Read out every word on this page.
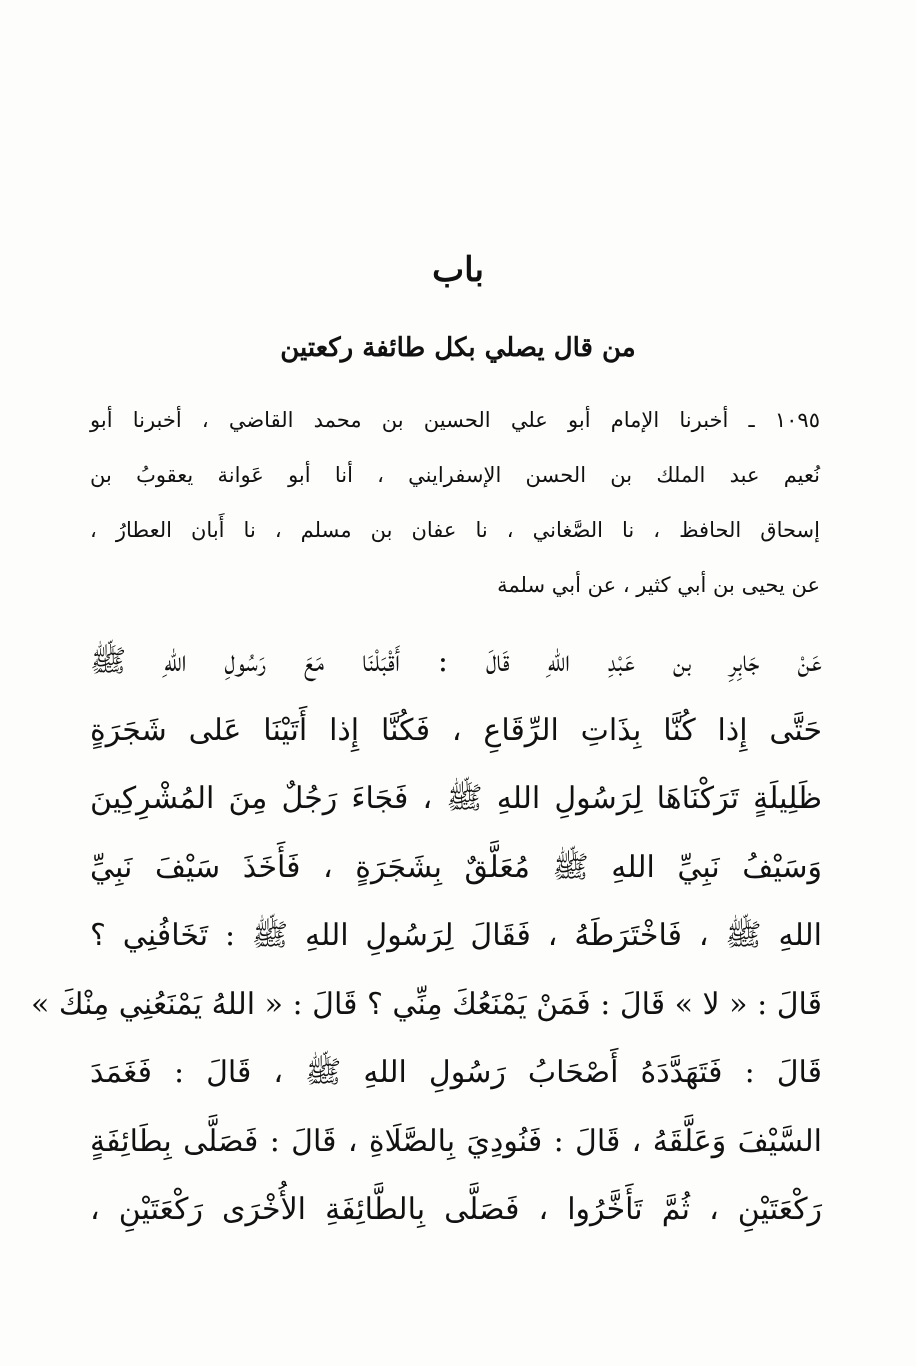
باب
من قال يصلي بكل طائفة ركعتين
١٠٩٥ ـ أخبرنا الإمام أبو علي الحسين بن محمد القاضي ، أخبرنا أبو
نُعيم عبد الملك بن الحسن الإسفرايني ، أنا أبو عَوانة يعقوبُ بن
إسحاق الحافظ ، نا الصَّغاني ، نا عفان بن مسلم ، نا أَبان العطارُ ،
عن يحيى بن أبي كثير ، عن أبي سلمة
عَنْ جَابِرِ بن عَبْدِ اللهِ قَالَ : أَقْبَلْنَا مَعَ رَسُولِ اللهِ ﷺ
حَتَّى إِذا كُنَّا بِذَاتِ الرِّقَاعِ ، فَكُنَّا إِذا أَتَيْنَا عَلى شَجَرَةٍ
ظَلِيلَةٍ تَرَكْنَاهَا لِرَسُولِ اللهِ ﷺ ، فَجَاءَ رَجُلٌ مِنَ المُشْرِكِينَ
وَسَيْفُ نَبِيِّ اللهِ ﷺ مُعَلَّقٌ بِشَجَرَةٍ ، فَأَخَذَ سَيْفَ نَبِيِّ
اللهِ ﷺ ، فَاخْتَرَطَهُ ، فَقَالَ لِرَسُولِ اللهِ ﷺ : تَخَافُنِي ؟
قَالَ : « لا » قَالَ : فَمَنْ يَمْنَعُكَ مِنِّي ؟ قَالَ : « اللهُ يَمْنَعُنِي مِنْكَ »
قَالَ : فَتَهَدَّدَهُ أَصْحَابُ رَسُولِ اللهِ ﷺ ، قَالَ : فَغَمَدَ
السَّيْفَ وَعَلَّقَهُ ، قَالَ : فَنُودِيَ بِالصَّلَاةِ ، قَالَ : فَصَلَّى بِطَائِفَةٍ
رَكْعَتَيْنِ ، ثُمَّ تَأَخَّرُوا ، فَصَلَّى بِالطَّائِفَةِ الأُخْرَى رَكْعَتَيْنِ ،
